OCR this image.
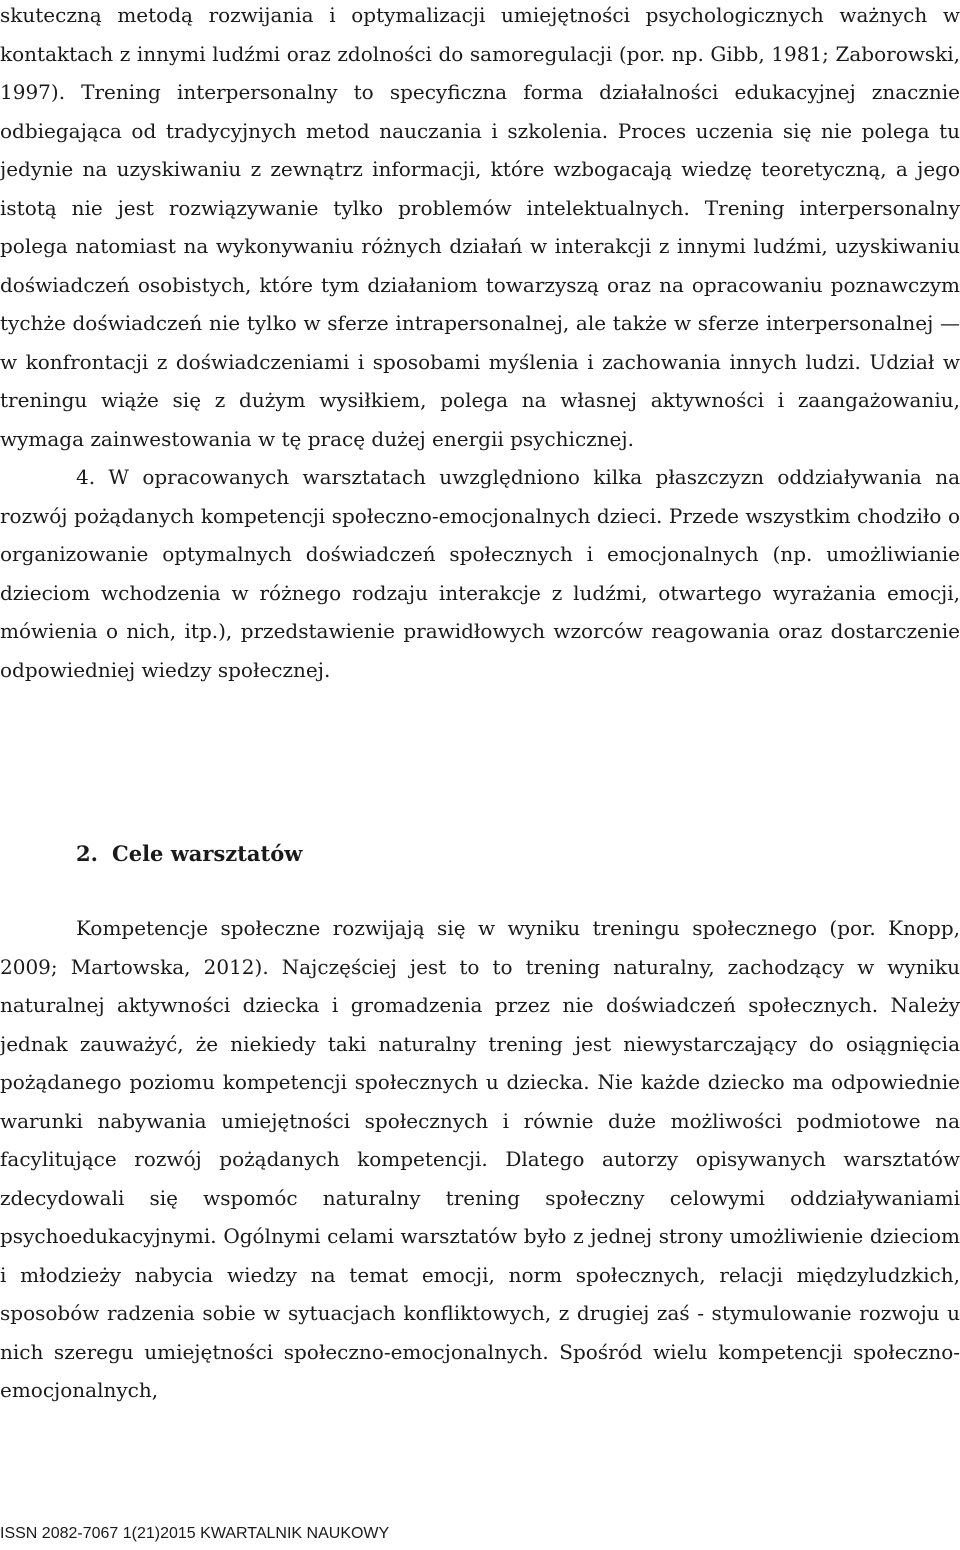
skuteczną metodą rozwijania i optymalizacji umiejętności psychologicznych ważnych w kontaktach z innymi ludźmi oraz zdolności do samoregulacji (por. np. Gibb, 1981; Zaborowski, 1997). Trening interpersonalny to specyficzna forma działalności edukacyjnej znacznie odbiegająca od tradycyjnych metod nauczania i szkolenia. Proces uczenia się nie polega tu jedynie na uzyskiwaniu z zewnątrz informacji, które wzbogacają wiedzę teoretyczną, a jego istotą nie jest rozwiązywanie tylko problemów intelektualnych. Trening interpersonalny polega natomiast na wykonywaniu różnych działań w interakcji z innymi ludźmi, uzyskiwaniu doświadczeń osobistych, które tym działaniom towarzyszą oraz na opracowaniu poznawczym tychże doświadczeń nie tylko w sferze intrapersonalnej, ale także w sferze interpersonalnej — w konfrontacji z doświadczeniami i sposobami myślenia i zachowania innych ludzi. Udział w treningu wiąże się z dużym wysiłkiem, polega na własnej aktywności i zaangażowaniu, wymaga zainwestowania w tę pracę dużej energii psychicznej.

4. W opracowanych warsztatach uwzględniono kilka płaszczyzn oddziaływania na rozwój pożądanych kompetencji społeczno-emocjonalnych dzieci. Przede wszystkim chodziło o organizowanie optymalnych doświadczeń społecznych i emocjonalnych (np. umożliwianie dzieciom wchodzenia w różnego rodzaju interakcje z ludźmi, otwartego wyrażania emocji, mówienia o nich, itp.), przedstawienie prawidłowych wzorców reagowania oraz dostarczenie odpowiedniej wiedzy społecznej.

2. Cele warsztatów

Kompetencje społeczne rozwijają się w wyniku treningu społecznego (por. Knopp, 2009; Martowska, 2012). Najczęściej jest to to trening naturalny, zachodzący w wyniku naturalnej aktywności dziecka i gromadzenia przez nie doświadczeń społecznych. Należy jednak zauważyć, że niekiedy taki naturalny trening jest niewystarczający do osiągnięcia pożądanego poziomu kompetencji społecznych u dziecka. Nie każde dziecko ma odpowiednie warunki nabywania umiejętności społecznych i równie duże możliwości podmiotowe na facylitujące rozwój pożądanych kompetencji. Dlatego autorzy opisywanych warsztatów zdecydowali się wspomóc naturalny trening społeczny celowymi oddziaływaniami psychoedukacyjnymi. Ogólnymi celami warsztatów było z jednej strony umożliwienie dzieciom i młodzieży nabycia wiedzy na temat emocji, norm społecznych, relacji międzyludzkich, sposobów radzenia sobie w sytuacjach konfliktowych, z drugiej zaś - stymulowanie rozwoju u nich szeregu umiejętności społeczno-emocjonalnych. Spośród wielu kompetencji społeczno-emocjonalnych,

ISSN 2082-7067 1(21)2015 KWARTALNIK NAUKOWY
